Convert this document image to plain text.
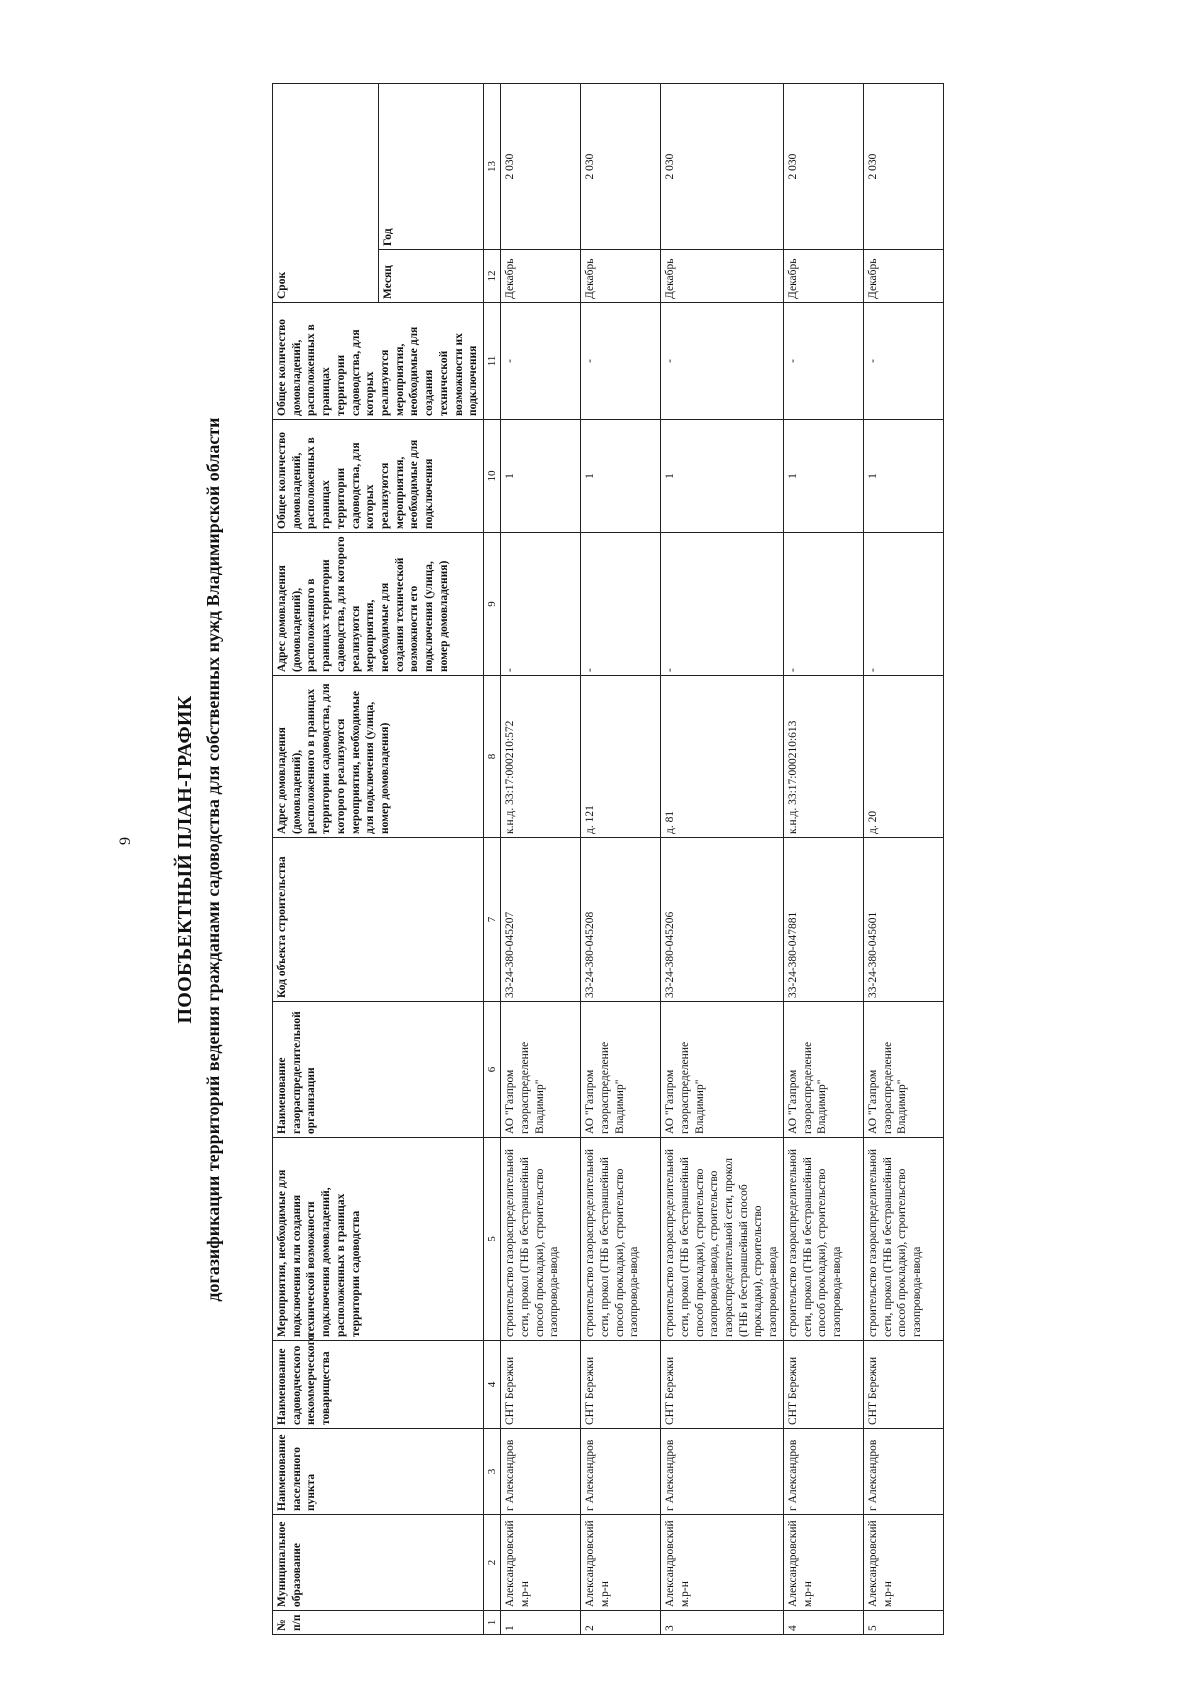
9 ПООБЪЕКТНЫЙ ПЛАН-ГРАФИК догазификации территорий ведения гражданами садоводства для собственных нужд Владимирской области
№ п/п	Муниципальное образование	Наименование населенного пункта	Наименование садоводческого некоммерческого товарищества	Мероприятия, необходимые для подключения или создания технической возможности подключения домовладений, расположенных в границах территории садоводства	Наименование газораспределительной организации	Код объекта строительства	Адрес домовладения (домовладений), расположенного в границах территории садоводства, для которого реализуются мероприятия, необходимые для подключения (улица, номер домовладения)	Адрес домовладения (домовладений), расположенного в границах территории садоводства, для которого реализуются мероприятия, необходимые для создания технической возможности его подключения (улица, номер домовладения)	Общее количество домовладений, расположенных в границах территории садоводства, для которых реализуются мероприятия, необходимые для подключения	Общее количество домовладений, расположенных в границах территории садоводства, для которых реализуются мероприятия, необходимые для создания технической возможности их подключения	Срок	
											Месяц	Год
1	2	3	4	5	6	7	8	9	10	11	12	13
1	Александровский м.р-н	г Александров	СНТ Бережки	строительство газораспределительной сети, прокол (ГНБ и бестраншейный способ прокладки), строительство газопровода-ввода	АО "Газпром газораспределение Владимир"	33-24-380-045207	к.н.д. 33:17:000210:572	-	1	-	Декабрь	2 030
2	Александровский м.р-н	г Александров	СНТ Бережки	строительство газораспределительной сети, прокол (ГНБ и бестраншейный способ прокладки), строительство газопровода-ввода	АО "Газпром газораспределение Владимир"	33-24-380-045208	д. 121	-	1	-	Декабрь	2 030
3	Александровский м.р-н	г Александров	СНТ Бережки	строительство газораспределительной сети, прокол (ГНБ и бестраншейный способ прокладки), строительство газопровода-ввода, строительство газораспределительной сети, прокол (ГНБ и бестраншейный способ прокладки), строительство газопровода-ввода	АО "Газпром газораспределение Владимир"	33-24-380-045206	д. 81	-	1	-	Декабрь	2 030
4	Александровский м.р-н	г Александров	СНТ Бережки	строительство газораспределительной сети, прокол (ГНБ и бестраншейный способ прокладки), строительство газопровода-ввода	АО "Газпром газораспределение Владимир"	33-24-380-047881	к.н.д. 33:17:000210:613	-	1	-	Декабрь	2 030
5	Александровский м.р-н	г Александров	СНТ Бережки	строительство газораспределительной сети, прокол (ГНБ и бестраншейный способ прокладки), строительство газопровода-ввода	АО "Газпром газораспределение Владимир"	33-24-380-045601	д. 20	-	1	-	Декабрь	2 030
